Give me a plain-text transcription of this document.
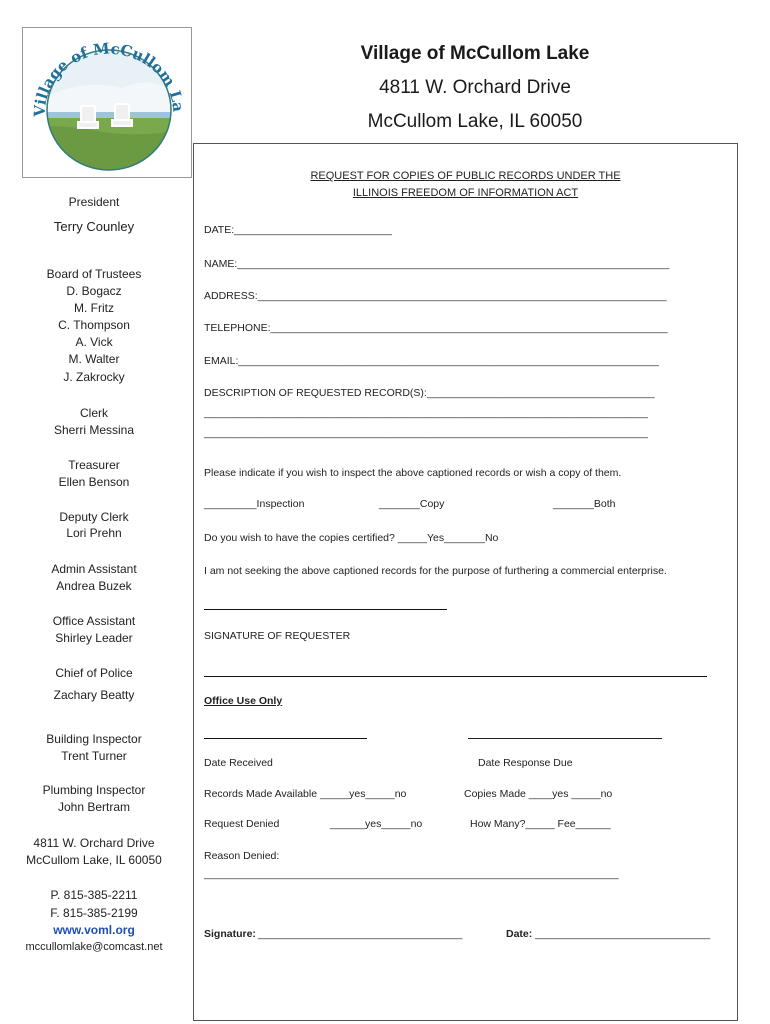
Village of McCullom La
Village of McCullom Lake
4811 W. Orchard Drive
McCullom Lake, IL 60050
President
Terry Counley
Board of Trustees
D. Bogacz
M. Fritz
C. Thompson
A. Vick
M. Walter
J. Zakrocky
Clerk
Sherri Messina
Treasurer
Ellen Benson
Deputy Clerk
Lori Prehn
Admin Assistant
Andrea Buzek
Office Assistant
Shirley Leader
Chief of Police
Zachary Beatty
Building Inspector
Trent Turner
Plumbing Inspector
John Bertram
4811 W. Orchard Drive
McCullom Lake, IL 60050
P. 815-385-2211
F. 815-385-2199
www.voml.org
mccullomlake@comcast.net
REQUEST FOR COPIES OF PUBLIC RECORDS UNDER THE
ILLINOIS FREEDOM OF INFORMATION ACT
DATE:___________________________
NAME:__________________________________________________________________________
ADDRESS:______________________________________________________________________
TELEPHONE:____________________________________________________________________
EMAIL:________________________________________________________________________
DESCRIPTION OF REQUESTED RECORD(S):_______________________________________
____________________________________________________________________________
____________________________________________________________________________
Please indicate if you wish to inspect the above captioned records or wish a copy of them.
_________Inspection	_______Copy	_______Both
Do you wish to have the copies certified? _____Yes_______No
I am not seeking the above captioned records for the purpose of furthering a commercial enterprise.
SIGNATURE OF REQUESTER
Office Use Only
Date Received	Date Response Due
Records Made Available _____yes_____no	Copies Made ____yes _____no
Request Denied	______yes_____no	How Many?_____ Fee______
Reason Denied:
_______________________________________________________________________
Signature: ___________________________________	Date: ______________________________
